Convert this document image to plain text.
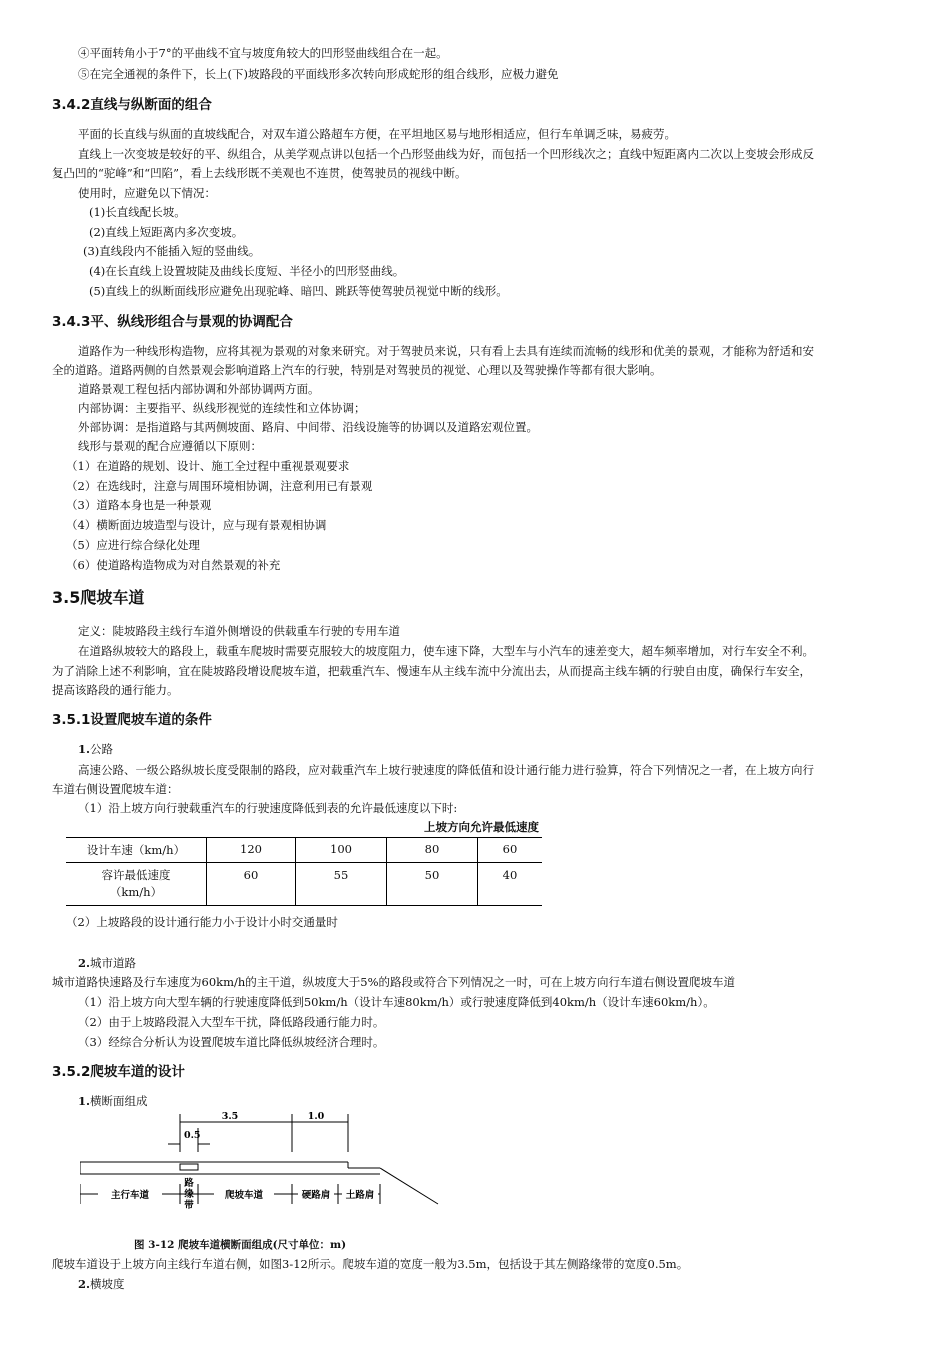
④平面转角小于7°的平曲线不宜与坡度角较大的凹形竖曲线组合在一起。
⑤在完全通视的条件下，长上(下)坡路段的平面线形多次转向形成蛇形的组合线形，应极力避免
3.4.2直线与纵断面的组合
平面的长直线与纵面的直坡线配合，对双车道公路超车方便，在平坦地区易与地形相适应，但行车单调乏味，易疲劳。
直线上一次变坡是较好的平、纵组合，从美学观点讲以包括一个凸形竖曲线为好，而包括一个凹形线次之；直线中短距离内二次以上变坡会形成反
复凸凹的“驼峰”和“凹陷”，看上去线形既不美观也不连贯，使驾驶员的视线中断。
使用时，应避免以下情况：
(1)长直线配长坡。
(2)直线上短距离内多次变坡。
(3)直线段内不能插入短的竖曲线。
(4)在长直线上设置坡陡及曲线长度短、半径小的凹形竖曲线。
(5)直线上的纵断面线形应避免出现驼峰、暗凹、跳跃等使驾驶员视觉中断的线形。
3.4.3平、纵线形组合与景观的协调配合
道路作为一种线形构造物，应将其视为景观的对象来研究。对于驾驶员来说，只有看上去具有连续而流畅的线形和优美的景观，才能称为舒适和安
全的道路。道路两侧的自然景观会影响道路上汽车的行驶，特别是对驾驶员的视觉、心理以及驾驶操作等都有很大影响。
道路景观工程包括内部协调和外部协调两方面。
内部协调：主要指平、纵线形视觉的连续性和立体协调；
外部协调：是指道路与其两侧坡面、路肩、中间带、沿线设施等的协调以及道路宏观位置。
线形与景观的配合应遵循以下原则：
（1）在道路的规划、设计、施工全过程中重视景观要求
（2）在选线时，注意与周围环境相协调，注意利用已有景观
（3）道路本身也是一种景观
（4）横断面边坡造型与设计，应与现有景观相协调
（5）应进行综合绿化处理
（6）使道路构造物成为对自然景观的补充
3.5爬坡车道
定义：陡坡路段主线行车道外侧增设的供载重车行驶的专用车道
在道路纵坡较大的路段上，载重车爬坡时需要克服较大的坡度阻力，使车速下降，大型车与小汽车的速差变大，超车频率增加，对行车安全不利。
为了消除上述不利影响，宜在陡坡路段增设爬坡车道，把载重汽车、慢速车从主线车流中分流出去，从而提高主线车辆的行驶自由度，确保行车安全，
提高该路段的通行能力。
3.5.1设置爬坡车道的条件
1.公路
高速公路、一级公路纵坡长度受限制的路段，应对载重汽车上坡行驶速度的降低值和设计通行能力进行验算，符合下列情况之一者，在上坡方向行
车道右侧设置爬坡车道：
（1）沿上坡方向行驶载重汽车的行驶速度降低到表的允许最低速度以下时:
上坡方向允许最低速度
设计车速（km/h）	120	100	80	60
容许最低速度
（km/h）	60	55	50	40
（2）上坡路段的设计通行能力小于设计小时交通量时
2.城市道路
城市道路快速路及行车速度为60km/h的主干道，纵坡度大于5%的路段或符合下列情况之一时，可在上坡方向行车道右侧设置爬坡车道
（1）沿上坡方向大型车辆的行驶速度降低到50km/h（设计车速80km/h）或行驶速度降低到40km/h（设计车速60km/h）。
（2）由于上坡路段混入大型车干扰，降低路段通行能力时。
（3）经综合分析认为设置爬坡车道比降低纵坡经济合理时。
3.5.2爬坡车道的设计
1.横断面组成
3.5	1.0
0.5
主行车道
路
缘
带
爬坡车道	硬路肩 土路肩
图 3-12 爬坡车道横断面组成(尺寸单位：m)
爬坡车道设于上坡方向主线行车道右侧，如图3-12所示。爬坡车道的宽度一般为3.5m，包括设于其左侧路缘带的宽度0.5m。
2.横坡度
